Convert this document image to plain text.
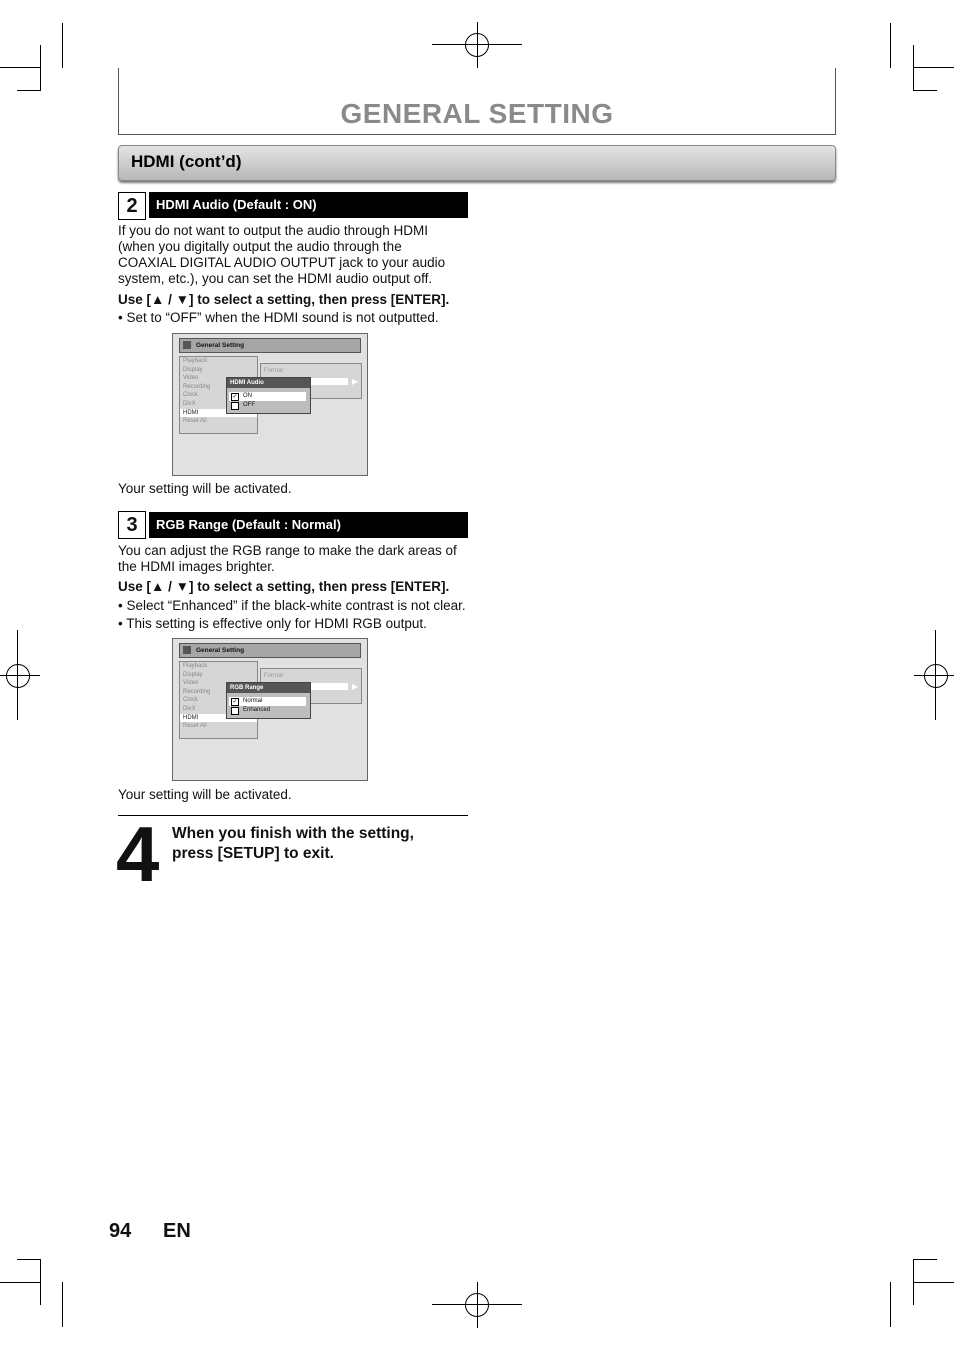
GENERAL SETTING
HDMI (cont’d)
2	HDMI Audio (Default : ON)
If you do not want to output the audio through HDMI
(when you digitally output the audio through the
COAXIAL DIGITAL AUDIO OUTPUT jack to your audio
system, etc.), you can set the HDMI audio output off.
Use [▲ / ▼] to select a setting, then press [ENTER].
• Set to “OFF” when the HDMI sound is not outputted.
General Setting
Playback
Display
Video
Recording
Clock
DivX
HDMI
Reset All
Format
▶
HDMI Audio
✓ ON
OFF
Your setting will be activated.
3	RGB Range (Default : Normal)
You can adjust the RGB range to make the dark areas of
the HDMI images brighter.
Use [▲ / ▼] to select a setting, then press [ENTER].
• Select “Enhanced” if the black-white contrast is not clear.
• This setting is effective only for HDMI RGB output.
General Setting
Playback
Display
Video
Recording
Clock
DivX
HDMI
Reset All
Format
▶
RGB Range
✓ Normal
Enhanced
Your setting will be activated.
4 When you finish with the setting,
press [SETUP] to exit.
94 EN
